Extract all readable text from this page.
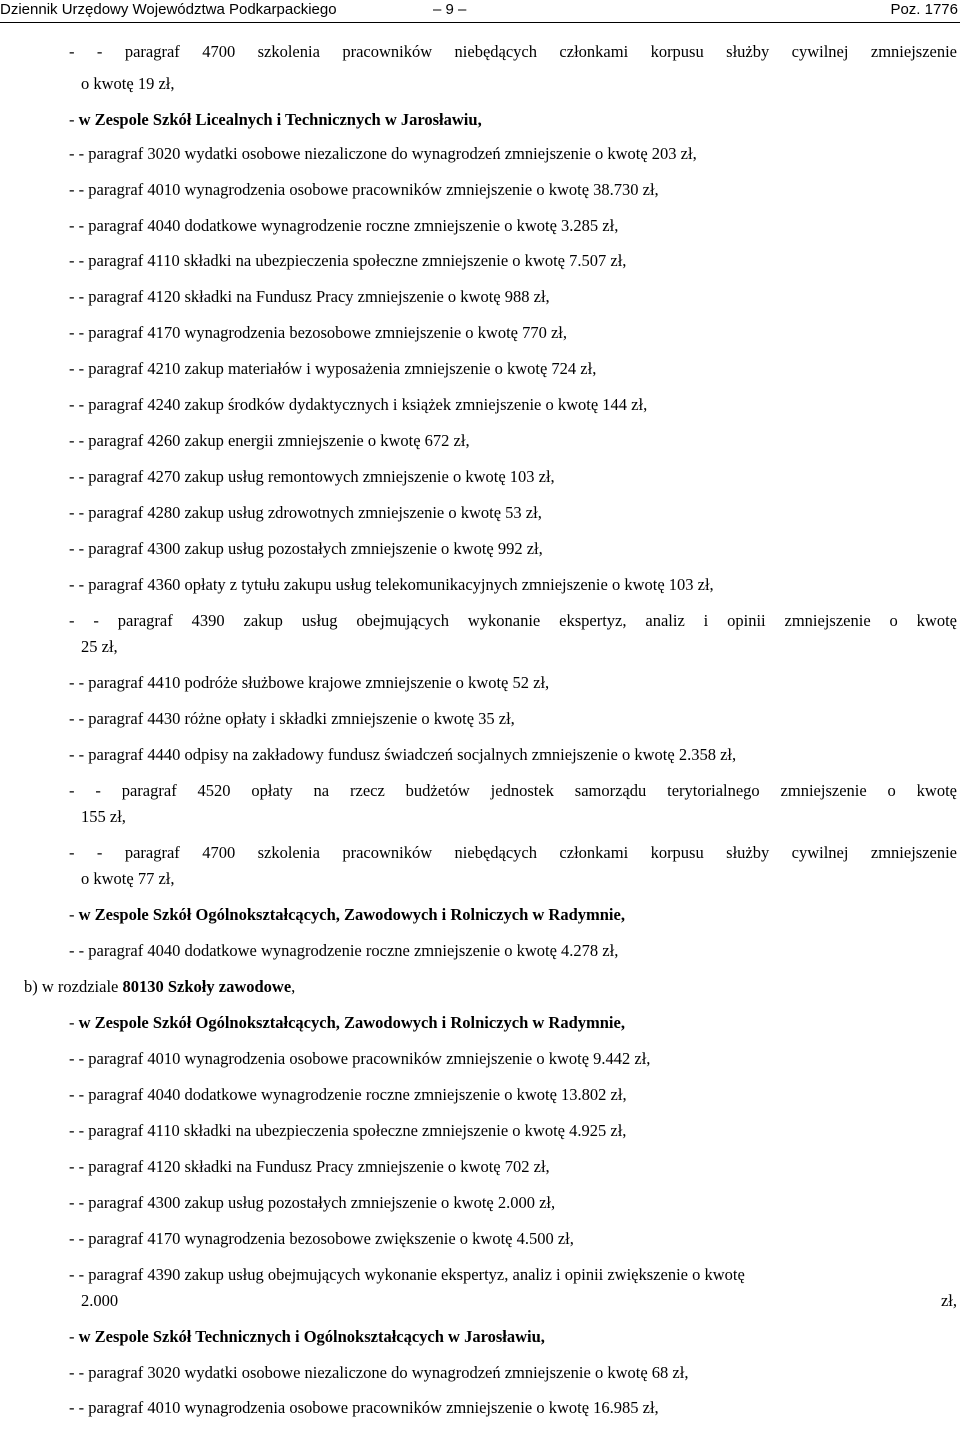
Dziennik Urzędowy Województwa Podkarpackiego	– 9 –	Poz. 1776
- - paragraf 4700 szkolenia pracowników niebędących członkami korpusu służby cywilnej zmniejszenie
o kwotę 19 zł,
- w Zespole Szkół Licealnych i Technicznych w Jarosławiu,
- - paragraf 3020 wydatki osobowe niezaliczone do wynagrodzeń zmniejszenie o kwotę 203 zł,
- - paragraf 4010 wynagrodzenia osobowe pracowników zmniejszenie o kwotę 38.730 zł,
- - paragraf 4040 dodatkowe wynagrodzenie roczne zmniejszenie o kwotę 3.285 zł,
- - paragraf 4110 składki na ubezpieczenia społeczne zmniejszenie o kwotę 7.507 zł,
- - paragraf 4120 składki na Fundusz Pracy zmniejszenie o kwotę 988 zł,
- - paragraf 4170 wynagrodzenia bezosobowe zmniejszenie o kwotę 770 zł,
- - paragraf 4210 zakup materiałów i wyposażenia zmniejszenie o kwotę 724 zł,
- - paragraf 4240 zakup środków dydaktycznych i książek zmniejszenie o kwotę 144 zł,
- - paragraf 4260 zakup energii zmniejszenie o kwotę 672 zł,
- - paragraf 4270 zakup usług remontowych zmniejszenie o kwotę 103 zł,
- - paragraf 4280 zakup usług zdrowotnych zmniejszenie o kwotę 53 zł,
- - paragraf 4300 zakup usług pozostałych zmniejszenie o kwotę 992 zł,
- - paragraf 4360 opłaty z tytułu zakupu usług telekomunikacyjnych zmniejszenie o kwotę 103 zł,
- - paragraf 4390 zakup usług obejmujących wykonanie ekspertyz, analiz i opinii zmniejszenie o kwotę
25 zł,
- - paragraf 4410 podróże służbowe krajowe zmniejszenie o kwotę 52 zł,
- - paragraf 4430 różne opłaty i składki zmniejszenie o kwotę 35 zł,
- - paragraf 4440 odpisy na zakładowy fundusz świadczeń socjalnych zmniejszenie o kwotę 2.358 zł,
- - paragraf 4520 opłaty na rzecz budżetów jednostek samorządu terytorialnego zmniejszenie o kwotę
155 zł,
- - paragraf 4700 szkolenia pracowników niebędących członkami korpusu służby cywilnej zmniejszenie
o kwotę 77 zł,
- w Zespole Szkół Ogólnokształcących, Zawodowych i Rolniczych w Radymnie,
- - paragraf 4040 dodatkowe wynagrodzenie roczne zmniejszenie o kwotę 4.278 zł,
b) w rozdziale 80130 Szkoły zawodowe,
- w Zespole Szkół Ogólnokształcących, Zawodowych i Rolniczych w Radymnie,
- - paragraf 4010 wynagrodzenia osobowe pracowników zmniejszenie o kwotę 9.442 zł,
- - paragraf 4040 dodatkowe wynagrodzenie roczne zmniejszenie o kwotę 13.802 zł,
- - paragraf 4110 składki na ubezpieczenia społeczne zmniejszenie o kwotę 4.925 zł,
- - paragraf 4120 składki na Fundusz Pracy zmniejszenie o kwotę 702 zł,
- - paragraf 4300 zakup usług pozostałych zmniejszenie o kwotę 2.000 zł,
- - paragraf 4170 wynagrodzenia bezosobowe zwiększenie o kwotę 4.500 zł,
- - paragraf 4390 zakup usług obejmujących wykonanie ekspertyz, analiz i opinii zwiększenie o kwotę
2.000 zł,
- w Zespole Szkół Technicznych i Ogólnokształcących w Jarosławiu,
- - paragraf 3020 wydatki osobowe niezaliczone do wynagrodzeń zmniejszenie o kwotę 68 zł,
- - paragraf 4010 wynagrodzenia osobowe pracowników zmniejszenie o kwotę 16.985 zł,
